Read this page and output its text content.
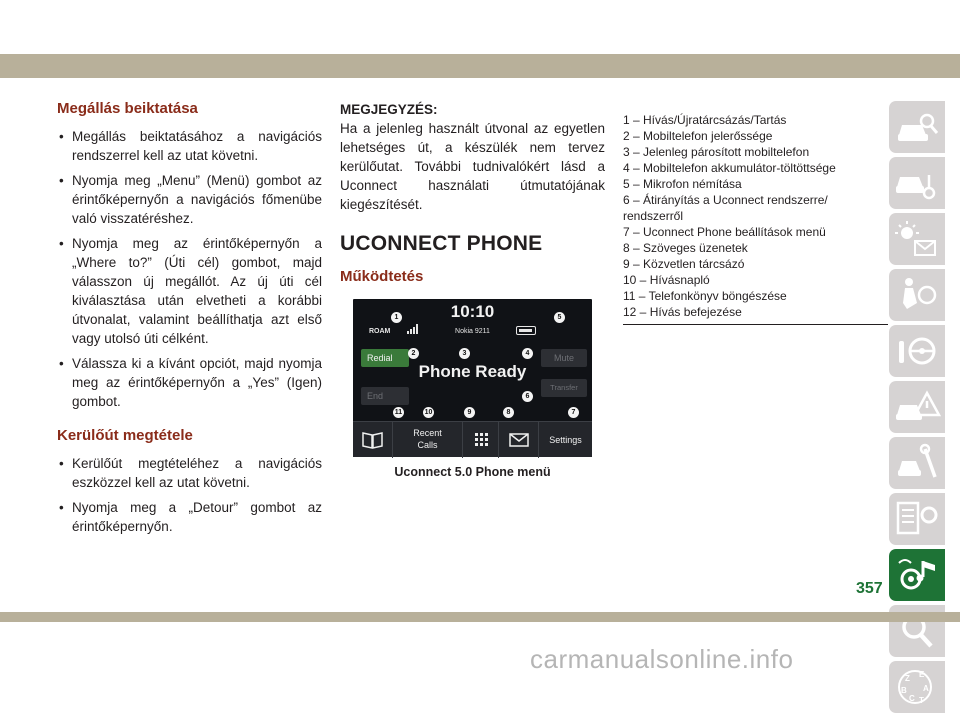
Megállás beiktatása
• Megállás beiktatásához a navigációs rendszerrel kell az utat követni.
• Nyomja meg „Menu” (Menü) gombot az érintőképernyőn a navigációs főmenübe való visszatéréshez.
• Nyomja meg az érintőképernyőn a „Where to?” (Úti cél) gombot, majd válasszon új megállót. Az új úti cél kiválasztása után elvetheti a korábbi útvonalat, valamint beállíthatja azt első vagy utolsó úti célként.
• Válassza ki a kívánt opciót, majd nyomja meg az érintőképernyőn a „Yes” (Igen) gombot.
Kerülőút megtétele
• Kerülőút megtételéhez a navigációs eszközzel kell az utat követni.
• Nyomja meg a „Detour” gombot az érintőképernyőn.
MEGJEGYZÉS:
Ha a jelenleg használt útvonal az egyetlen lehetséges út, a készülék nem tervez kerülőutat. További tudnivalókért lásd a Uconnect használati útmutatójának kiegészítését.
UCONNECT PHONE
Működtetés
10:10
ROAM	Nokia 9211
Redial
End
Mute
Transfer
Phone Ready
Recent
Calls	Settings
1
2	3	4
5
6
7
8
9
10
11
Uconnect 5.0 Phone menü
1 – Hívás/Újratárcsázás/Tartás
2 – Mobiltelefon jelerőssége
3 – Jelenleg párosított mobiltelefon
4 – Mobiltelefon akkumulátor-töltöttsége
5 – Mikrofon némítása
6 – Átirányítás a Uconnect rendszerre/ rendszerről
7 – Uconnect Phone beállítások menü
8 – Szöveges üzenetek
9 – Közvetlen tárcsázó
10 – Hívásnapló
11 – Telefonkönyv böngészése
12 – Hívás befejezése
Z E
B A
C T
357
carmanualsonline.info
